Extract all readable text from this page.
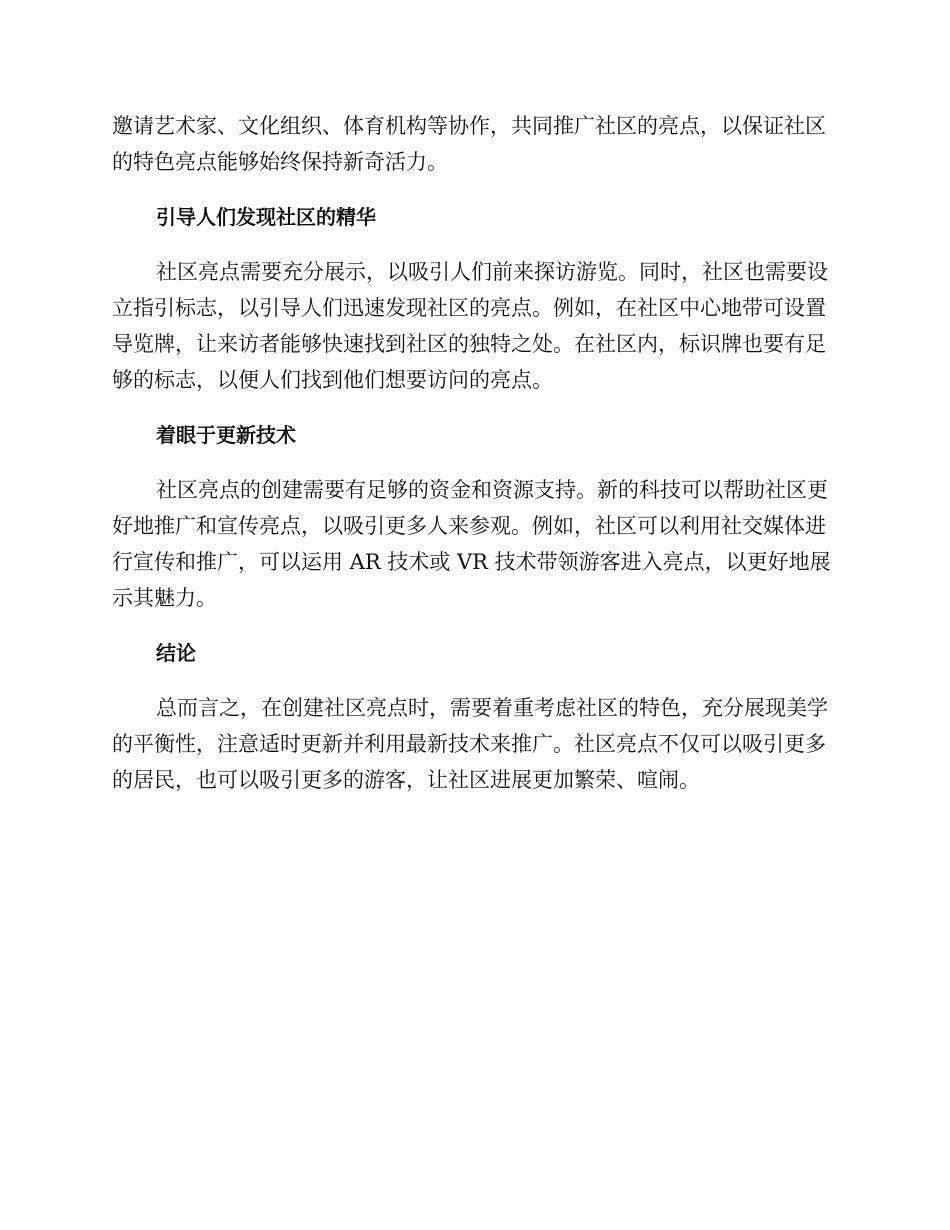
邀请艺术家、文化组织、体育机构等协作，共同推广社区的亮点，以保证社区的特色亮点能够始终保持新奇活力。

引导人们发现社区的精华

社区亮点需要充分展示，以吸引人们前来探访游览。同时，社区也需要设立指引标志，以引导人们迅速发现社区的亮点。例如，在社区中心地带可设置导览牌，让来访者能够快速找到社区的独特之处。在社区内，标识牌也要有足够的标志，以便人们找到他们想要访问的亮点。

着眼于更新技术

社区亮点的创建需要有足够的资金和资源支持。新的科技可以帮助社区更好地推广和宣传亮点，以吸引更多人来参观。例如，社区可以利用社交媒体进行宣传和推广，可以运用 AR 技术或 VR 技术带领游客进入亮点，以更好地展示其魅力。

结论

总而言之，在创建社区亮点时，需要着重考虑社区的特色，充分展现美学的平衡性，注意适时更新并利用最新技术来推广。社区亮点不仅可以吸引更多的居民，也可以吸引更多的游客，让社区进展更加繁荣、喧闹。
